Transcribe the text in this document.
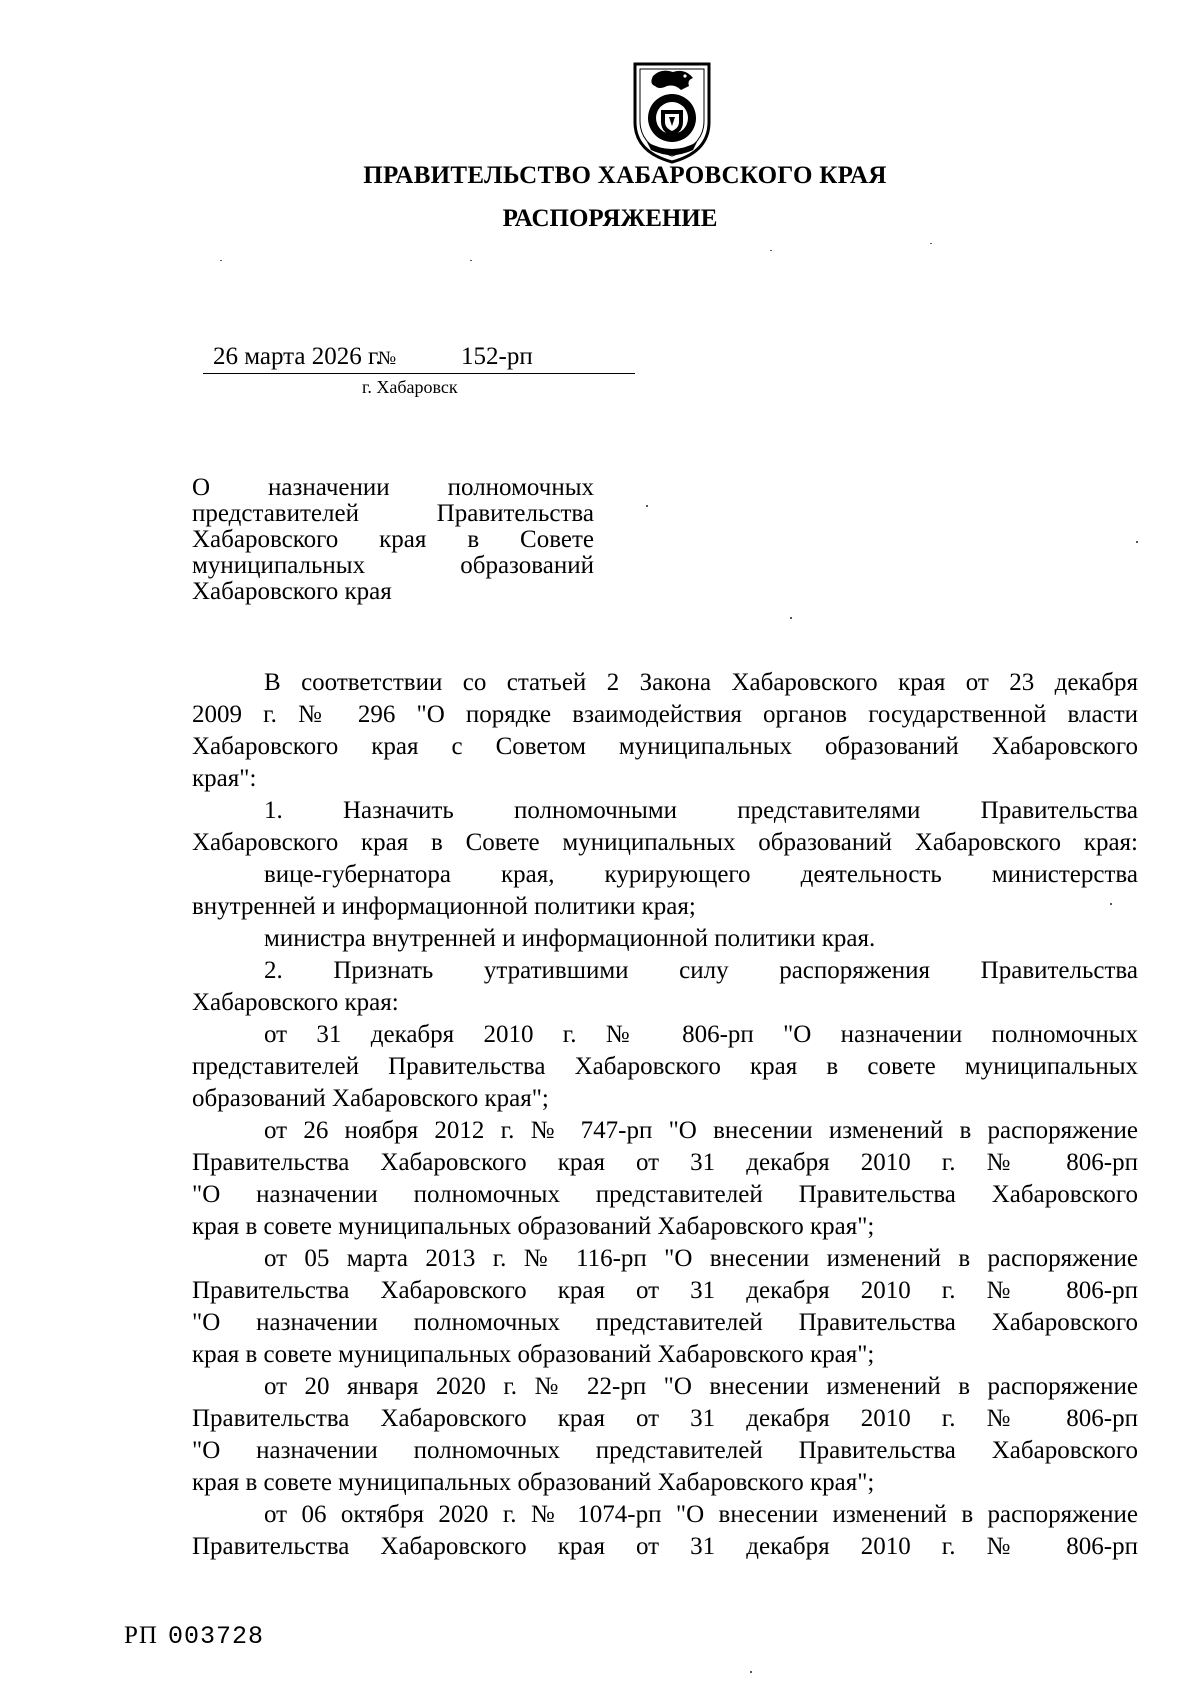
ПРАВИТЕЛЬСТВО ХАБАРОВСКОГО КРАЯ
РАСПОРЯЖЕНИЕ
26 марта 2026 г.
№	152-рп
г. Хабаровск
О назначении полномочных
представителей Правительства
Хабаровского края в Совете
муниципальных образований
Хабаровского края
В соответствии со статьей 2 Закона Хабаровского края от 23 декабря
2009 г. № 296 "О порядке взаимодействия органов государственной власти
Хабаровского края с Советом муниципальных образований Хабаровского
края":
1. Назначить полномочными представителями Правительства
Хабаровского края в Совете муниципальных образований Хабаровского края:
вице-губернатора края, курирующего деятельность министерства
внутренней и информационной политики края;
министра внутренней и информационной политики края.
2. Признать утратившими силу распоряжения Правительства
Хабаровского края:
от 31 декабря 2010 г. № 806-рп "О назначении полномочных
представителей Правительства Хабаровского края в совете муниципальных
образований Хабаровского края";
от 26 ноября 2012 г. № 747-рп "О внесении изменений в распоряжение
Правительства Хабаровского края от 31 декабря 2010 г. № 806-рп
"О назначении полномочных представителей Правительства Хабаровского
края в совете муниципальных образований Хабаровского края";
от 05 марта 2013 г. № 116-рп "О внесении изменений в распоряжение
Правительства Хабаровского края от 31 декабря 2010 г. № 806-рп
"О назначении полномочных представителей Правительства Хабаровского
края в совете муниципальных образований Хабаровского края";
от 20 января 2020 г. № 22-рп "О внесении изменений в распоряжение
Правительства Хабаровского края от 31 декабря 2010 г. № 806-рп
"О назначении полномочных представителей Правительства Хабаровского
края в совете муниципальных образований Хабаровского края";
от 06 октября 2020 г. № 1074-рп "О внесении изменений в распоряжение
Правительства Хабаровского края от 31 декабря 2010 г. № 806-рп
РП 003728
